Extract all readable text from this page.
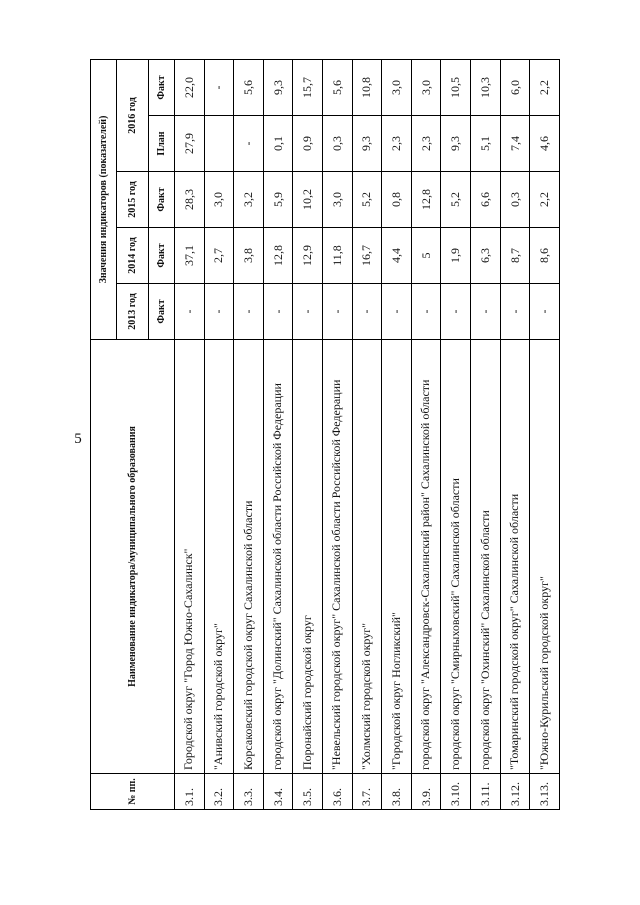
5
№ пп.	Наименование индикатора/муниципального образования	Значения индикаторов (показателей)				
		2013 год	2014 год	2015 год	2016 год	
		Факт	Факт	Факт	План	Факт
3.1.	Городской округ "Город Южно-Сахалинск"	-	37,1	28,3	27,9	22,0
3.2.	"Анивский городской округ"	-	2,7	3,0		-
3.3.	Корсаковский городской округ Сахалинской области	-	3,8	3,2	-	5,6
3.4.	городской округ "Долинский" Сахалинской области Российской Федерации	-	12,8	5,9	0,1	9,3
3.5.	Поронайский городской округ	-	12,9	10,2	0,9	15,7
3.6.	"Невельский городской округ" Сахалинской области Российской Федерации	-	11,8	3,0	0,3	5,6
3.7.	"Холмский городской округ"	-	16,7	5,2	9,3	10,8
3.8.	"Городской округ Ногликский"	-	4,4	0,8	2,3	3,0
3.9.	городской округ "Александровск-Сахалинский район" Сахалинской области	-	5	12,8	2,3	3,0
3.10.	городской округ "Смирныховский" Сахалинской области	-	1,9	5,2	9,3	10,5
3.11.	городской округ "Охинский" Сахалинской области	-	6,3	6,6	5,1	10,3
3.12.	"Томаринский городской округ" Сахалинской области	-	8,7	0,3	7,4	6,0
3.13.	"Южно-Курильский городской округ"	-	8,6	2,2	4,6	2,2
